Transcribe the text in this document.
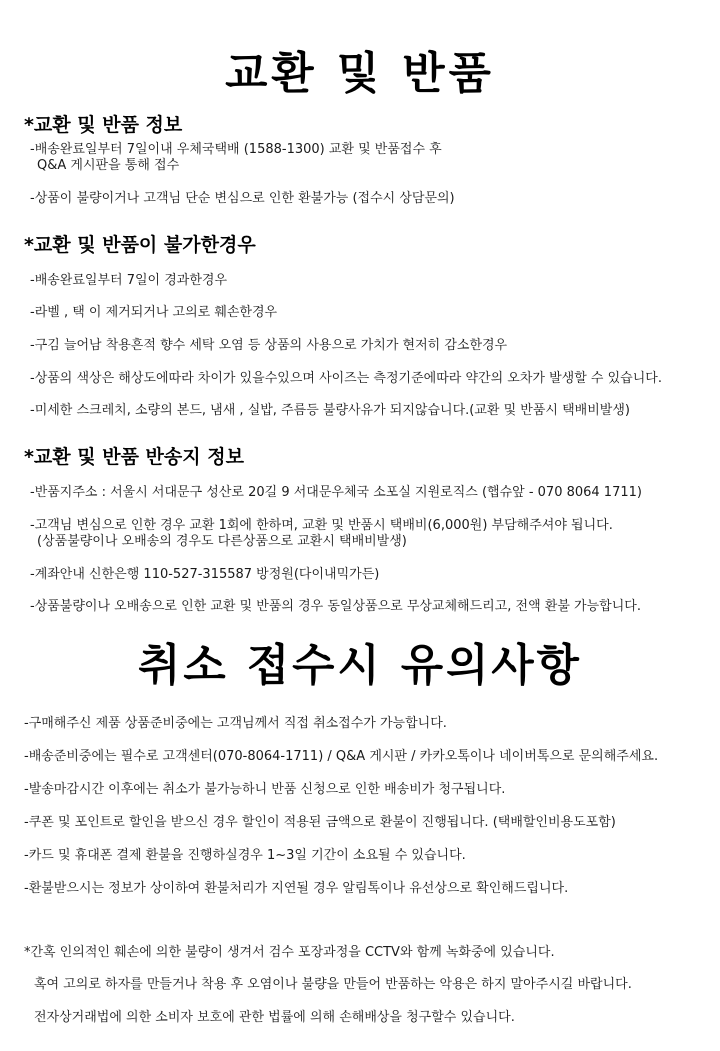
교환 및 반품
*교환 및 반품 정보
-배송완료일부터 7일이내 우체국택배 (1588-1300) 교환 및 반품접수 후
Q&A 게시판을 통해 접수
-상품이 불량이거나 고객님 단순 변심으로 인한 환불가능 (접수시 상담문의)
*교환 및 반품이 불가한경우
-배송완료일부터 7일이 경과한경우
-라벨 , 택 이 제거되거나 고의로 훼손한경우
-구김 늘어남 착용흔적 향수 세탁 오염 등 상품의 사용으로 가치가 현저히 감소한경우
-상품의 색상은 해상도에따라 차이가 있을수있으며 사이즈는 측정기준에따라 약간의 오차가 발생할 수 있습니다.
-미세한 스크레치, 소량의 본드, 냄새 , 실밥, 주름등 불량사유가 되지않습니다.(교환 및 반품시 택배비발생)
*교환 및 반품 반송지 정보
-반품지주소 : 서울시 서대문구 성산로 20길 9 서대문우체국 소포실 지원로직스 (햅슈앞 - 070 8064 1711)
-고객님 변심으로 인한 경우 교환 1회에 한하며, 교환 및 반품시 택배비(6,000원) 부담해주셔야 됩니다.
(상품불량이나 오배송의 경우도 다른상품으로 교환시 택배비발생)
-계좌안내 신한은행 110-527-315587 방정원(다이내믹가든)
-상품불량이나 오배송으로 인한 교환 및 반품의 경우 동일상품으로 무상교체해드리고, 전액 환불 가능합니다.
취소 접수시 유의사항
-구매해주신 제품 상품준비중에는 고객님께서 직접 취소접수가 가능합니다.
-배송준비중에는 필수로 고객센터(070-8064-1711) / Q&A 게시판 / 카카오톡이나 네이버톡으로 문의해주세요.
-발송마감시간 이후에는 취소가 불가능하니 반품 신청으로 인한 배송비가 청구됩니다.
-쿠폰 및 포인트로 할인을 받으신 경우 할인이 적용된 금액으로 환불이 진행됩니다. (택배할인비용도포함)
-카드 및 휴대폰 결제 환불을 진행하실경우 1~3일 기간이 소요될 수 있습니다.
-환불받으시는 정보가 상이하여 환불처리가 지연될 경우 알림톡이나 유선상으로 확인해드립니다.
*간혹 인의적인 훼손에 의한 불량이 생겨서 검수 포장과정을 CCTV와 함께 녹화중에 있습니다.
혹여 고의로 하자를 만들거나 착용 후 오염이나 불량을 만들어 반품하는 악용은 하지 말아주시길 바랍니다.
전자상거래법에 의한 소비자 보호에 관한 법률에 의해 손해배상을 청구할수 있습니다.
